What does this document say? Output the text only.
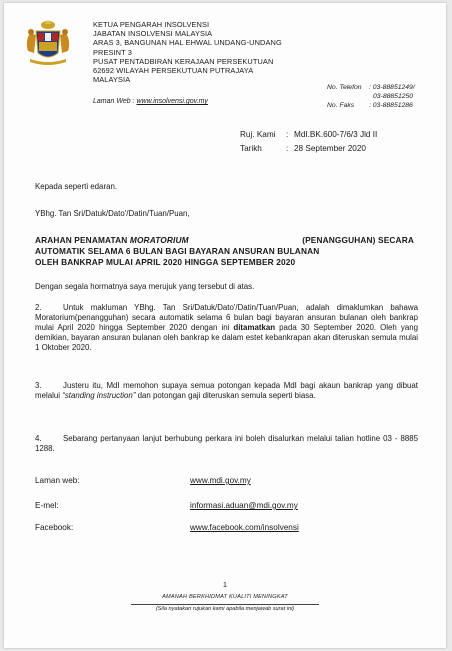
KETUA PENGARAH INSOLVENSI
JABATAN INSOLVENSI MALAYSIA
ARAS 3, BANGUNAN HAL EHWAL UNDANG-UNDANG
PRESINT 3
PUSAT PENTADBIRAN KERAJAAN PERSEKUTUAN
62692 WILAYAH PERSEKUTUAN PUTRAJAYA
MALAYSIA
Laman Web : www.insolvensi.gov.my
No. Telefon	: 03-88851249/
03-88851250
No. Faks	: 03-88851286
Ruj. Kami	: MdI.BK.600-7/6/3 Jld II
Tarikh	: 28 September 2020
Kepada seperti edaran.
YBhg. Tan Sri/Datuk/Dato'/Datin/Tuan/Puan,
ARAHAN PENAMATAN MORATORIUM	(PENANGGUHAN) SECARA
AUTOMATIK SELAMA 6 BULAN BAGI BAYARAN ANSURAN BULANAN
OLEH BANKRAP MULAI APRIL 2020 HINGGA SEPTEMBER 2020
Dengan segala hormatnya saya merujuk yang tersebut di atas.
2.	Untuk makluman YBhg. Tan Sri/Datuk/Dato'/Datin/Tuan/Puan, adalah dimaklumkan bahawa Moratorium(penangguhan) secara automatik selama 6 bulan bagi bayaran ansuran bulanan oleh bankrap mulai April 2020 hingga September 2020 dengan ini ditamatkan pada 30 September 2020. Oleh yang demikian, bayaran ansuran bulanan oleh bankrap ke dalam estet kebankrapan akan diteruskan semula mulai 1 Oktober 2020.
3.	Justeru itu, MdI memohon supaya semua potongan kepada MdI bagi akaun bankrap yang dibuat melalui “standing instruction” dan potongan gaji diteruskan semula seperti biasa.
4.	Sebarang pertanyaan lanjut berhubung perkara ini boleh disalurkan melalui talian hotline 03 - 8885 1288.
Laman web:	www.mdi.gov.my
E-mel:	informasi.aduan@mdi.gov.my
Facebook:	www.facebook.com/insolvensi
1
AMANAH BERKHIDMAT KUALITI MENINGKAT
(Sila nyatakan rujukan kami apabila menjawab surat ini)
